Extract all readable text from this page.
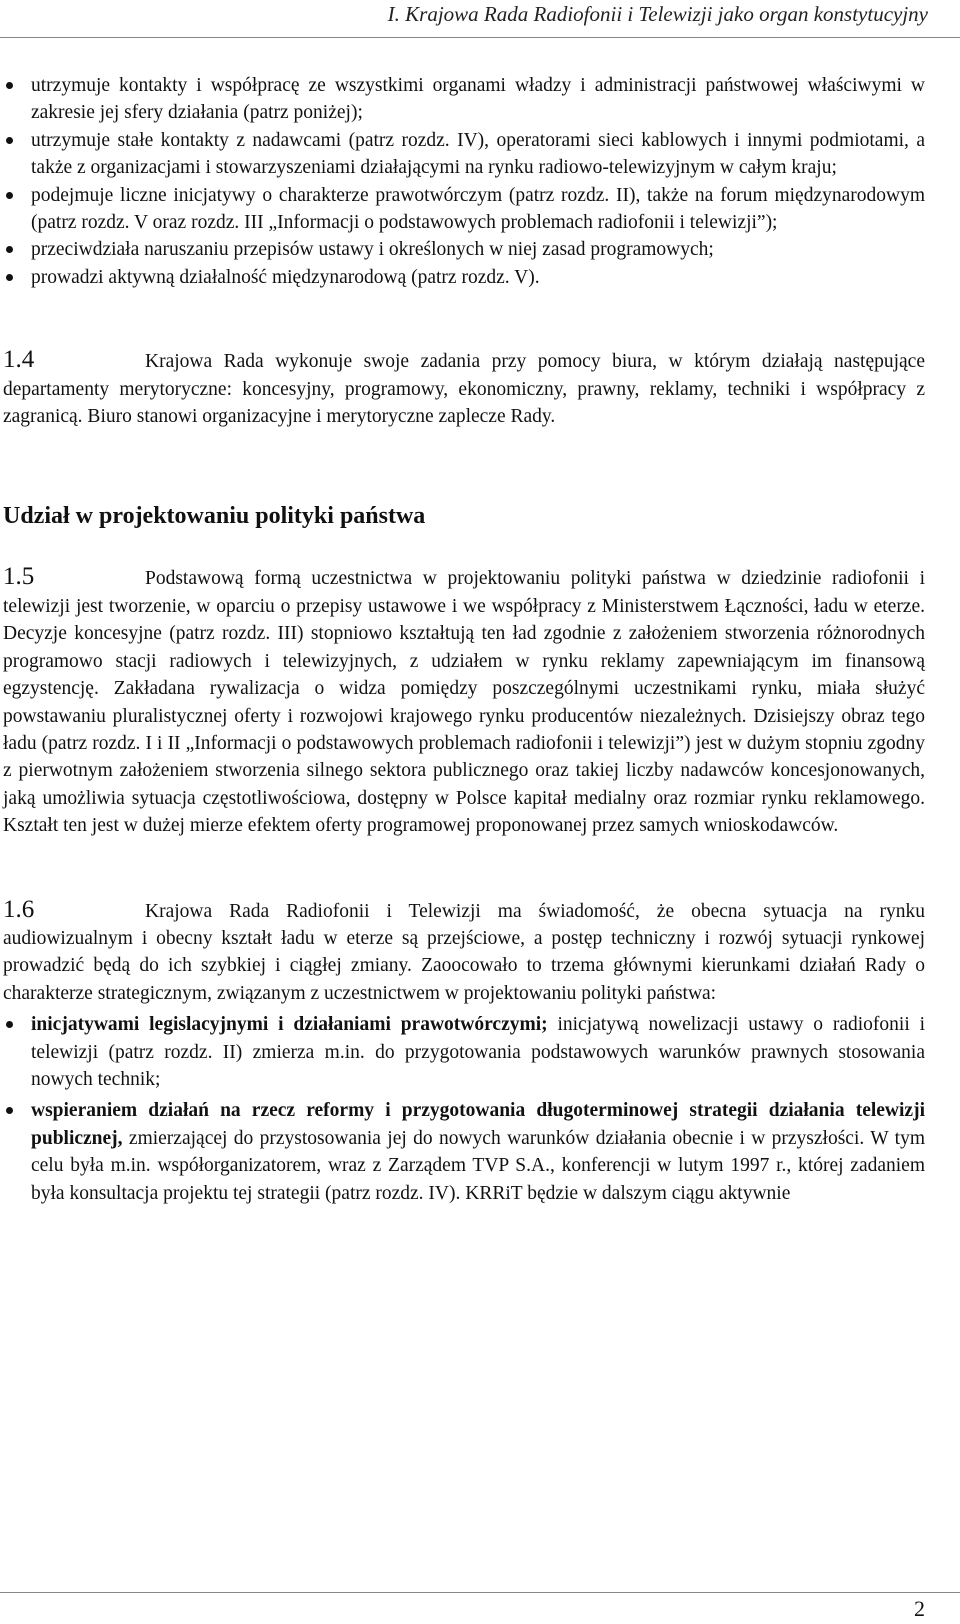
I. Krajowa Rada Radiofonii i Telewizji jako organ konstytucyjny
utrzymuje kontakty i współpracę ze wszystkimi organami władzy i administracji państwowej właściwymi w zakresie jej sfery działania (patrz poniżej);
utrzymuje stałe kontakty z nadawcami (patrz rozdz. IV), operatorami sieci kablowych i innymi podmiotami, a także z organizacjami i stowarzyszeniami działającymi na rynku radiowo-telewizyjnym w całym kraju;
podejmuje liczne inicjatywy o charakterze prawotwórczym (patrz rozdz. II), także na forum międzynarodowym (patrz rozdz. V oraz rozdz. III „Informacji o podstawowych problemach radiofonii i telewizji”);
przeciwdziała naruszaniu przepisów ustawy i określonych w niej zasad programowych;
prowadzi aktywną działalność międzynarodową (patrz rozdz. V).

1.4	Krajowa Rada wykonuje swoje zadania przy pomocy biura, w którym działają następujące departamenty merytoryczne: koncesyjny, programowy, ekonomiczny, prawny, reklamy, techniki i współpracy z zagranicą. Biuro stanowi organizacyjne i merytoryczne zaplecze Rady.

Udział w projektowaniu polityki państwa

1.5	Podstawową formą uczestnictwa w projektowaniu polityki państwa w dziedzinie radiofonii i telewizji jest tworzenie, w oparciu o przepisy ustawowe i we współpracy z Ministerstwem Łączności, ładu w eterze. Decyzje koncesyjne (patrz rozdz. III) stopniowo kształtują ten ład zgodnie z założeniem stworzenia różnorodnych programowo stacji radiowych i telewizyjnych, z udziałem w rynku reklamy zapewniającym im finansową egzystencję. Zakładana rywalizacja o widza pomiędzy poszczególnymi uczestnikami rynku, miała służyć powstawaniu pluralistycznej oferty i rozwojowi krajowego rynku producentów niezależnych. Dzisiejszy obraz tego ładu (patrz rozdz. I i II „Informacji o podstawowych problemach radiofonii i telewizji”) jest w dużym stopniu zgodny z pierwotnym założeniem stworzenia silnego sektora publicznego oraz takiej liczby nadawców koncesjonowanych, jaką umożliwia sytuacja częstotliwościowa, dostępny w Polsce kapitał medialny oraz rozmiar rynku reklamowego. Kształt ten jest w dużej mierze efektem oferty programowej proponowanej przez samych wnioskodawców.

1.6	Krajowa Rada Radiofonii i Telewizji ma świadomość, że obecna sytuacja na rynku audiowizualnym i obecny kształt ładu w eterze są przejściowe, a postęp techniczny i rozwój sytuacji rynkowej prowadzić będą do ich szybkiej i ciągłej zmiany. Zaoocowało to trzema głównymi kierunkami działań Rady o charakterze strategicznym, związanym z uczestnictwem w projektowaniu polityki państwa:

inicjatywami legislacyjnymi i działaniami prawotwórczymi; inicjatywą nowelizacji ustawy o radiofonii i telewizji (patrz rozdz. II) zmierza m.in. do przygotowania podstawowych warunków prawnych stosowania nowych technik;
wspieraniem działań na rzecz reformy i przygotowania długoterminowej strategii działania telewizji publicznej, zmierzającej do przystosowania jej do nowych warunków działania obecnie i w przyszłości. W tym celu była m.in. współorganizatorem, wraz z Zarządem TVP S.A., konferencji w lutym 1997 r., której zadaniem była konsultacja projektu tej strategii (patrz rozdz. IV). KRRiT będzie w dalszym ciągu aktywnie
2
